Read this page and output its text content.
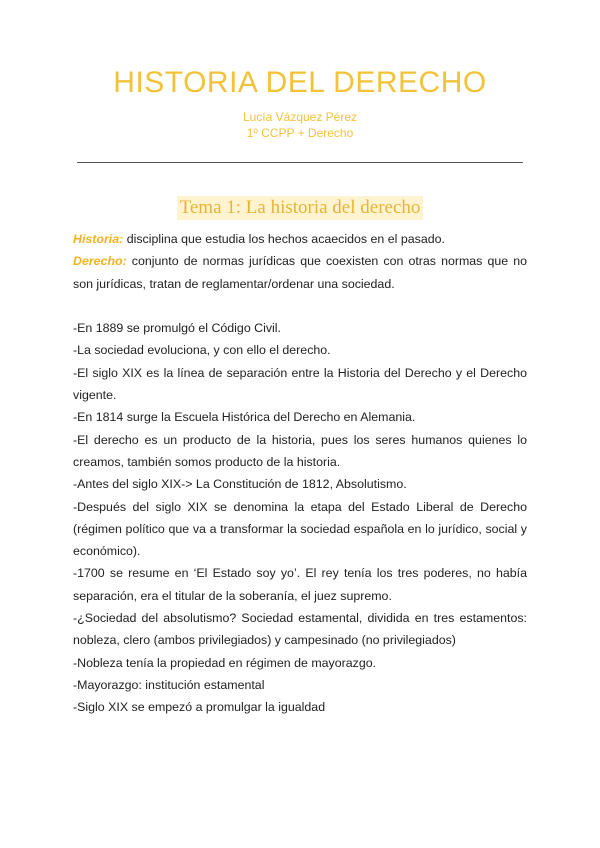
HISTORIA DEL DERECHO
Lucía Vázquez Pérez
1º CCPP + Derecho
Tema 1: La historia del derecho

Historia: disciplina que estudia los hechos acaecidos en el pasado.

Derecho: conjunto de normas jurídicas que coexisten con otras normas que no son jurídicas, tratan de reglamentar/ordenar una sociedad.

-En 1889 se promulgó el Código Civil.

-La sociedad evoluciona, y con ello el derecho.

-El siglo XIX es la línea de separación entre la Historia del Derecho y el Derecho vigente.

-En 1814 surge la Escuela Histórica del Derecho en Alemania.

-El derecho es un producto de la historia, pues los seres humanos quienes lo creamos, también somos producto de la historia.

-Antes del siglo XIX-> La Constitución de 1812, Absolutismo.

-Después del siglo XIX se denomina la etapa del Estado Liberal de Derecho (régimen político que va a transformar la sociedad española en lo jurídico, social y económico).

-1700 se resume en ‘El Estado soy yo’. El rey tenía los tres poderes, no había separación, era el titular de la soberanía, el juez supremo.

-¿Sociedad del absolutismo? Sociedad estamental, dividida en tres estamentos: nobleza, clero (ambos privilegiados) y campesinado (no privilegiados)

-Nobleza tenía la propiedad en régimen de mayorazgo.

-Mayorazgo: institución estamental

-Siglo XIX se empezó a promulgar la igualdad
